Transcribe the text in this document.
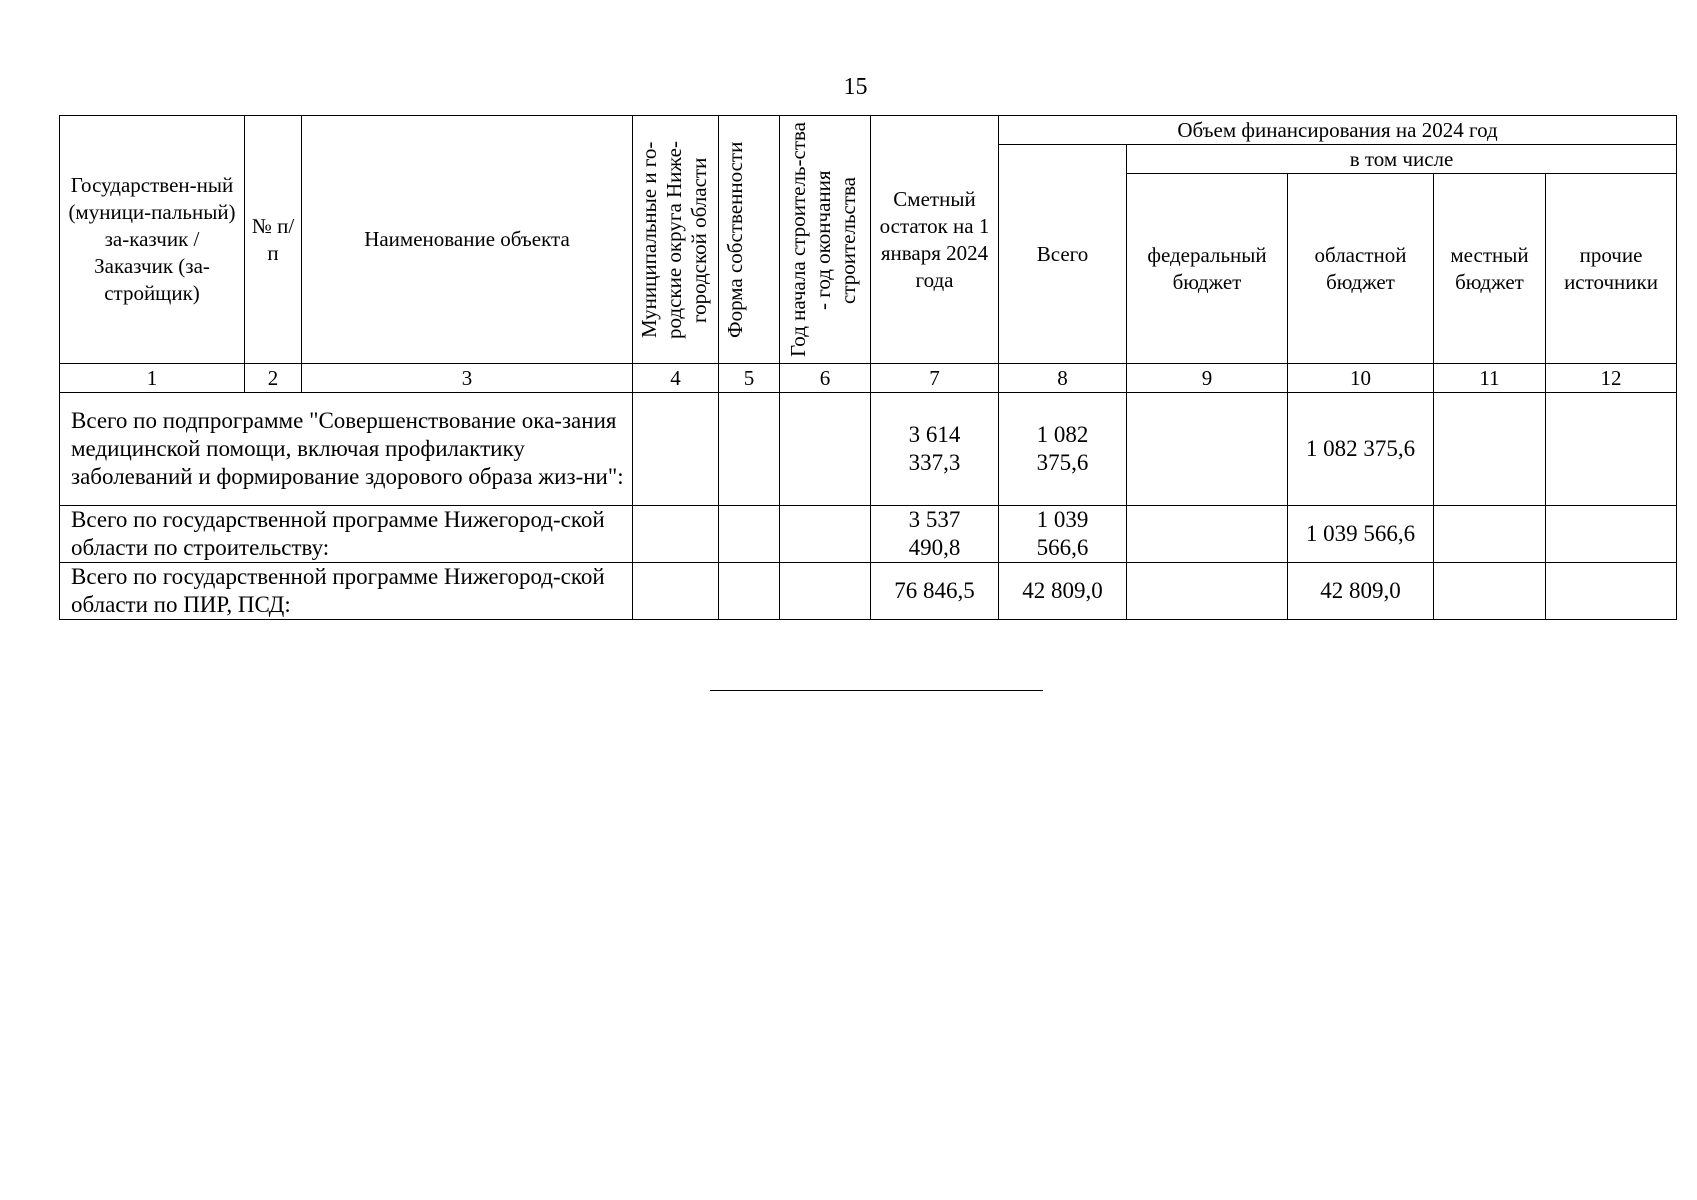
15
Государствен-ный (муници-пальный) за-казчик / Заказчик (за-стройщик)	№ п/п	Наименование объекта	Муниципальные и го-родские округа Ниже-городской области	Форма собственности	Год начала строитель-ства - год окончания строительства	Сметный остаток на 1 января 2024 года	Объем финансирования на 2024 год				
							Всего	в том числе			
								федеральный бюджет	областной бюджет	местный бюджет	прочие источники
1	2	3	4	5	6	7	8	9	10	11	12
Всего по подпрограмме "Совершенствование ока-зания медицинской помощи, включая профилактику заболеваний и формирование здорового образа жиз-ни":						3 614 337,3	1 082 375,6		1 082 375,6		
Всего по государственной программе Нижегород-ской области по строительству:						3 537 490,8	1 039 566,6		1 039 566,6		
Всего по государственной программе Нижегород-ской области по ПИР, ПСД:						76 846,5	42 809,0		42 809,0		
